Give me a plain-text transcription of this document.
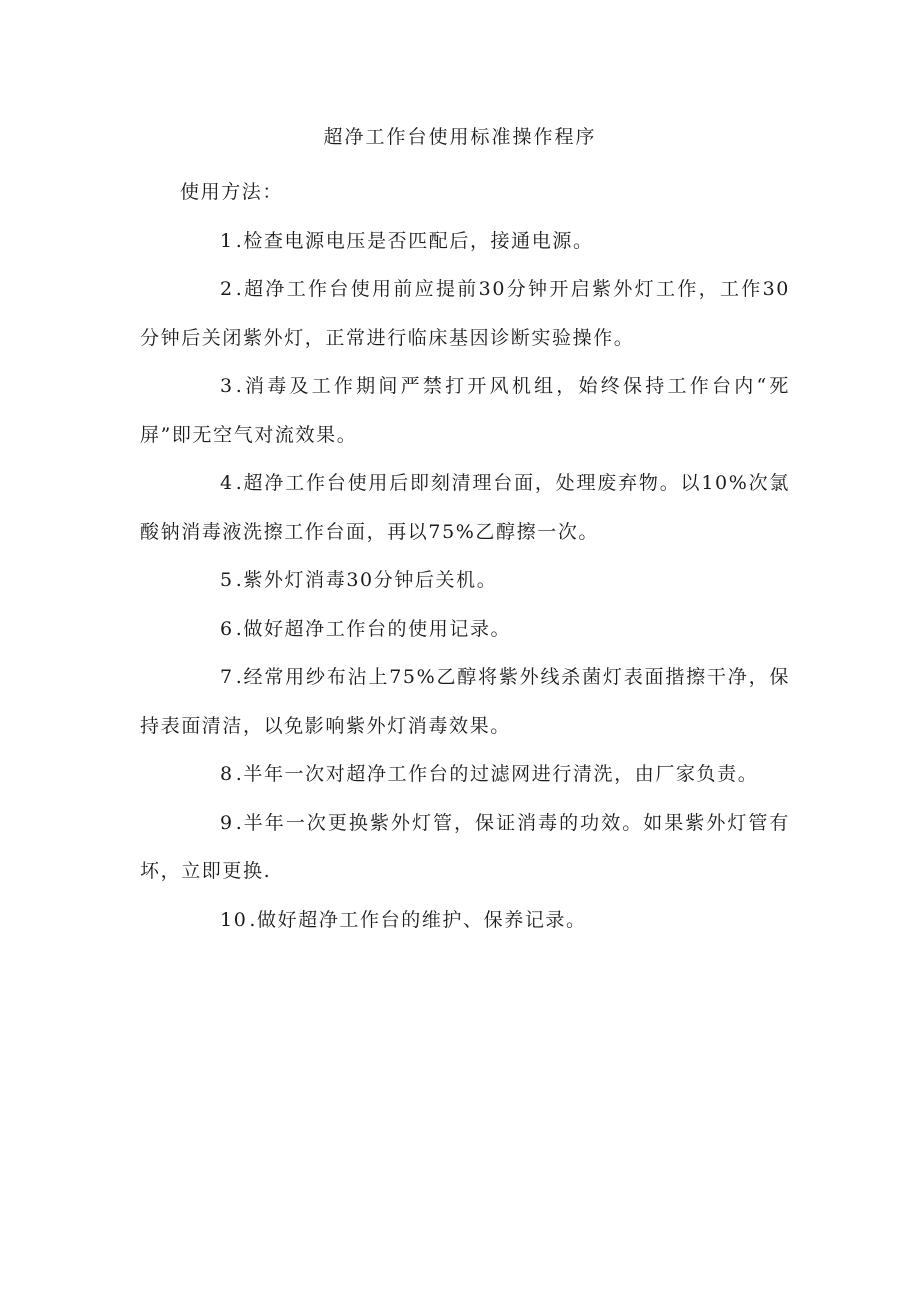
超净工作台使用标准操作程序

使用方法：

1 .检查电源电压是否匹配后，接通电源。

2 .超净工作台使用前应提前30分钟开启紫外灯工作，工作30分钟后关闭紫外灯，正常进行临床基因诊断实验操作。

3 .消毒及工作期间严禁打开风机组，始终保持工作台内“死屏”即无空气对流效果。

4 .超净工作台使用后即刻清理台面，处理废弃物。以10%次氯酸钠消毒液洗擦工作台面，再以75%乙醇擦一次。

5 .紫外灯消毒30分钟后关机。

6 .做好超净工作台的使用记录。

7 .经常用纱布沾上75%乙醇将紫外线杀菌灯表面揩擦干净，保持表面清洁，以免影响紫外灯消毒效果。

8 .半年一次对超净工作台的过滤网进行清洗，由厂家负责。

9 .半年一次更换紫外灯管，保证消毒的功效。如果紫外灯管有坏，立即更换.

10 .做好超净工作台的维护、保养记录。
